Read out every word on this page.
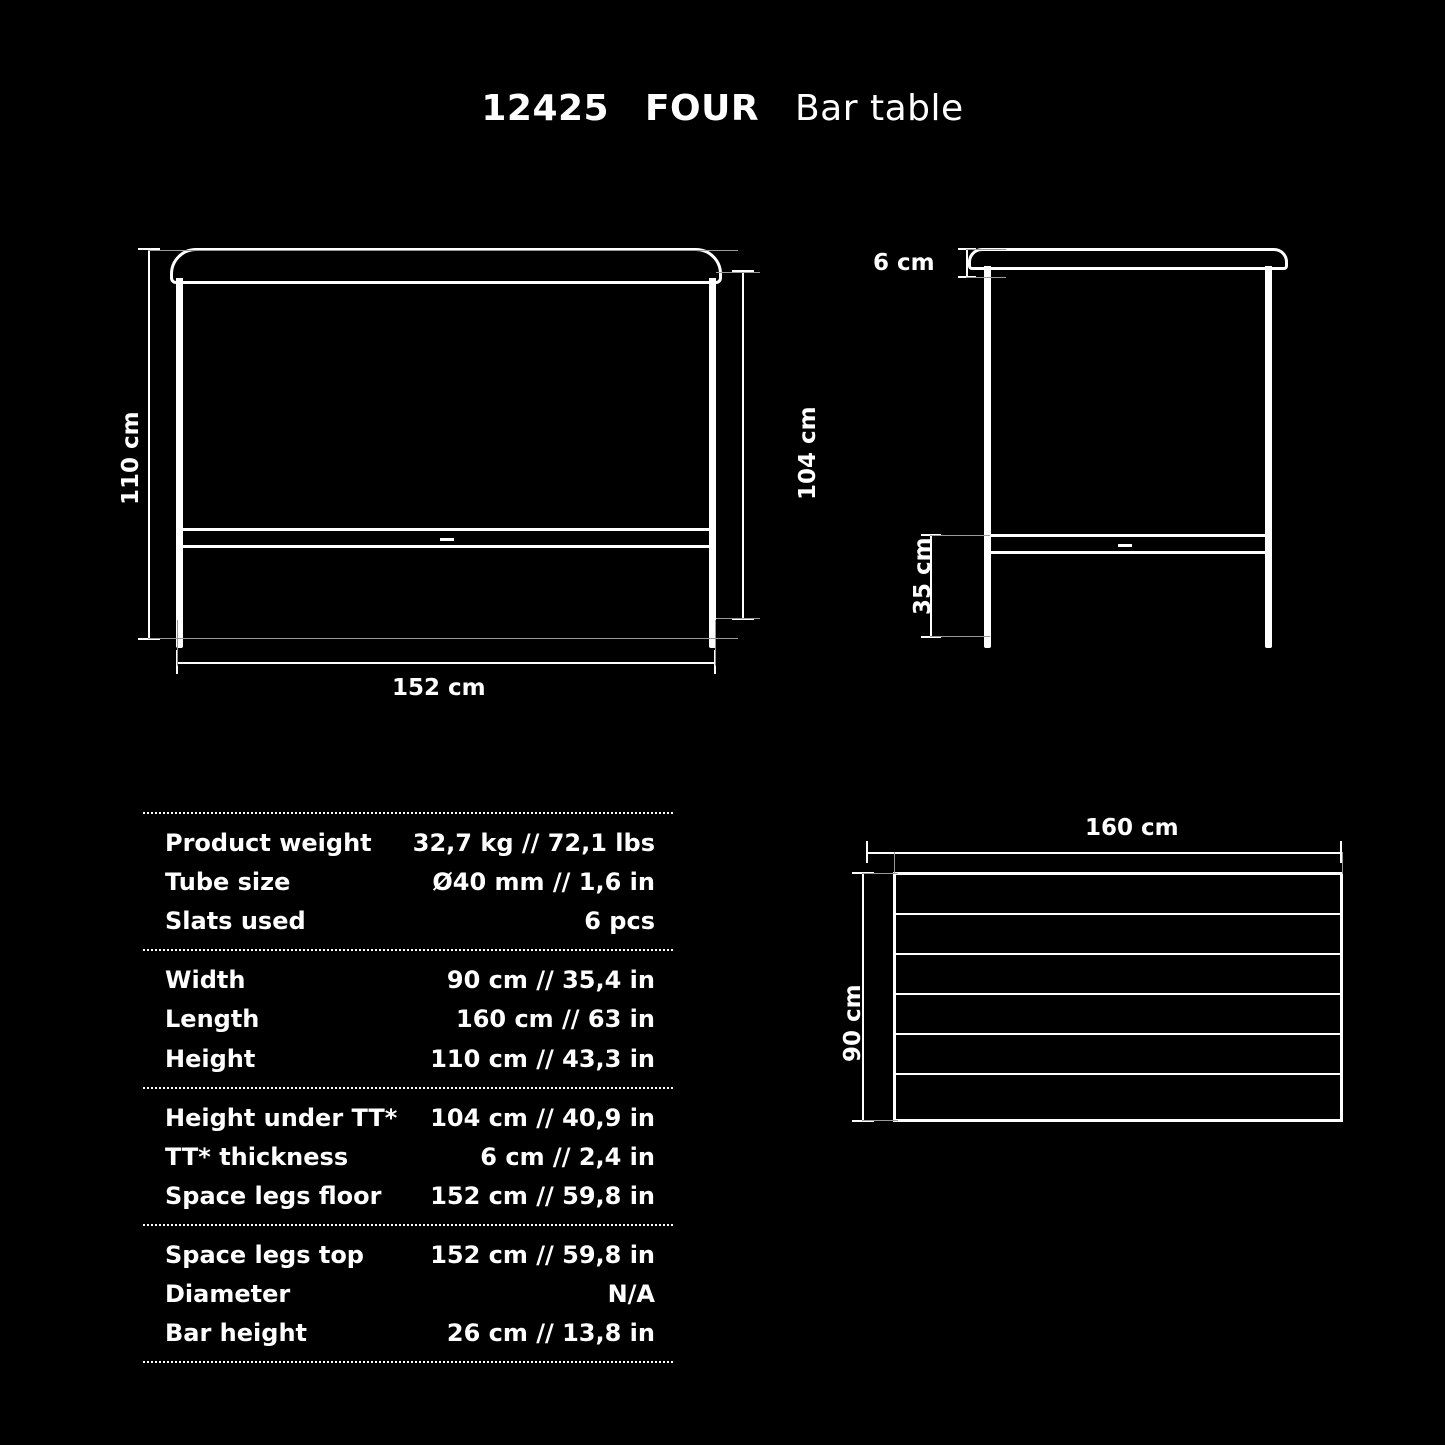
12425 FOUR Bar table
110 cm	104 cm
152 cm
6 cm
35 cm
160 cm
90 cm
Product weight 32,7 kg // 72,1 lbs
Tube size	Ø40 mm // 1,6 in
Slats used	6 pcs
Width	90 cm // 35,4 in
Length	160 cm // 63 in
Height	110 cm // 43,3 in
Height under TT* 104 cm // 40,9 in
TT* thickness	6 cm // 2,4 in
Space legs floor 152 cm // 59,8 in
Space legs top	152 cm // 59,8 in
Diameter	N/A
Bar height	26 cm // 13,8 in
